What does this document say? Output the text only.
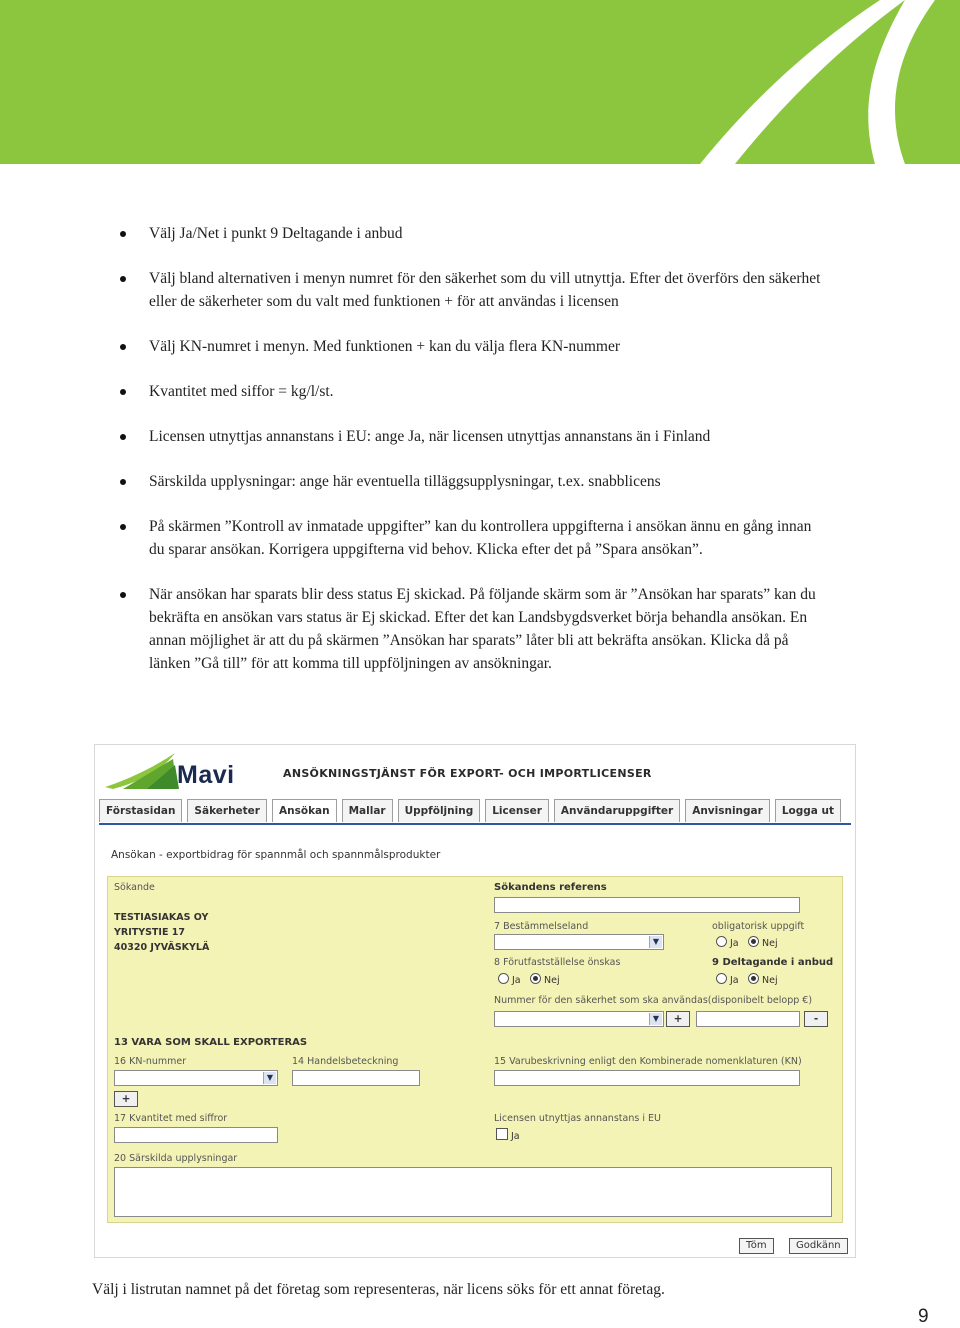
Välj Ja/Net i punkt 9 Deltagande i anbud
Välj bland alternativen i menyn numret för den säkerhet som du vill utnyttja. Efter det överförs den säkerhet eller de säkerheter som du valt med funktionen + för att användas i licensen
Välj KN-numret i menyn. Med funktionen + kan du välja flera KN-nummer
Kvantitet med siffor = kg/l/st.
Licensen utnyttjas annanstans i EU: ange Ja, när licensen utnyttjas annanstans än i Finland
Särskilda upplysningar: ange här eventuella tilläggsupplysningar, t.ex. snabblicens
På skärmen ”Kontroll av inmatade uppgifter” kan du kontrollera uppgifterna i ansökan ännu en gång innan du sparar ansökan. Korrigera uppgifterna vid behov. Klicka efter det på ”Spara ansökan”.
När ansökan har sparats blir dess status Ej skickad. På följande skärm som är ”Ansökan har sparats” kan du bekräfta en ansökan vars status är Ej skickad. Efter det kan Landsbygdsverket börja behandla ansökan. En annan möjlighet är att du på skärmen ”Ansökan har sparats” låter bli att bekräfta ansökan. Klicka då på länken ”Gå till” för att komma till uppföljningen av ansökningar.
Mavi	ANSÖKNINGSTJÄNST FÖR EXPORT- OCH IMPORTLICENSER
Förstasidan	Säkerheter	Ansökan	Mallar	Uppföljning	Licenser	Användaruppgifter	Anvisningar	Logga ut
Ansökan - exportbidrag för spannmål och spannmålsprodukter
Sökande
TESTIASIAKAS OY
YRITYSTIE 17
40320 JYVÄSKYLÄ
Sökandens referens
7 Bestämmelseland
▼
obligatorisk uppgift
Ja	Nej
8 Förutfastställelse önskas
Ja	Nej
9 Deltagande i anbud
Ja	Nej
Nummer för den säkerhet som ska användas(disponibelt belopp €)
▼	+	-
13 VARA SOM SKALL EXPORTERAS
16 KN-nummer
▼
+
14 Handelsbeteckning	15 Varubeskrivning enligt den Kombinerade nomenklaturen (KN)
17 Kvantitet med siffror	Licensen utnyttjas annanstans i EU
Ja
20 Särskilda upplysningar
Töm	Godkänn
Välj i listrutan namnet på det företag som representeras, när licens söks för ett annat företag.
9
